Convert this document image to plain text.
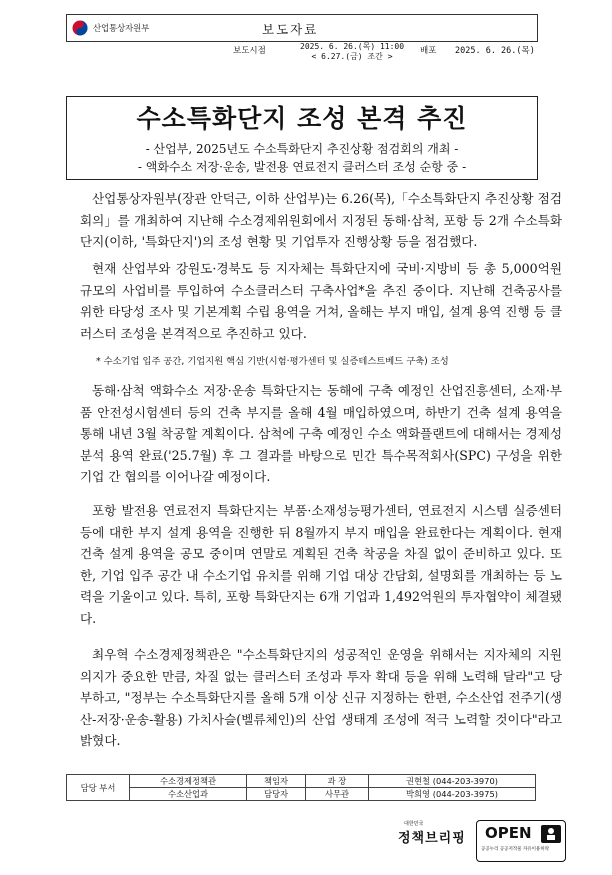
산업통상자원부	보도자료
보도시점	2025. 6. 26.(목) 11:00
< 6.27.(금) 조간 >	배포 2025. 6. 26.(목)
수소특화단지 조성 본격 추진
- 산업부, 2025년도 수소특화단지 추진상황 점검회의 개최 -
- 액화수소 저장·운송, 발전용 연료전지 클러스터 조성 순항 중 -
산업통상자원부(장관 안덕근, 이하 산업부)는 6.26(목),「수소특화단지 추진상황 점검회의」를 개최하여 지난해 수소경제위원회에서 지정된 동해·삼척, 포항 등 2개 수소특화단지(이하, '특화단지')의 조성 현황 및 기업투자 진행상황 등을 점검했다.
현재 산업부와 강원도·경북도 등 지자체는 특화단지에 국비·지방비 등 총 5,000억원 규모의 사업비를 투입하여 수소클러스터 구축사업*을 추진 중이다. 지난해 건축공사를 위한 타당성 조사 및 기본계획 수립 용역을 거쳐, 올해는 부지 매입, 설계 용역 진행 등 클러스터 조성을 본격적으로 추진하고 있다.
* 수소기업 입주 공간, 기업지원 핵심 기반(시험·평가센터 및 실증테스트베드 구축) 조성
동해·삼척 액화수소 저장·운송 특화단지는 동해에 구축 예정인 산업진흥센터, 소재·부품 안전성시험센터 등의 건축 부지를 올해 4월 매입하였으며, 하반기 건축 설계 용역을 통해 내년 3월 착공할 계획이다. 삼척에 구축 예정인 수소 액화플랜트에 대해서는 경제성 분석 용역 완료('25.7월) 후 그 결과를 바탕으로 민간 특수목적회사(SPC) 구성을 위한 기업 간 협의를 이어나갈 예정이다.
포항 발전용 연료전지 특화단지는 부품·소재성능평가센터, 연료전지 시스템 실증센터 등에 대한 부지 설계 용역을 진행한 뒤 8월까지 부지 매입을 완료한다는 계획이다. 현재 건축 설계 용역을 공모 중이며 연말로 계획된 건축 착공을 차질 없이 준비하고 있다. 또한, 기업 입주 공간 내 수소기업 유치를 위해 기업 대상 간담회, 설명회를 개최하는 등 노력을 기울이고 있다. 특히, 포항 특화단지는 6개 기업과 1,492억원의 투자협약이 체결됐다.
최우혁 수소경제정책관은 "수소특화단지의 성공적인 운영을 위해서는 지자체의 지원의지가 중요한 만큼, 차질 없는 클러스터 조성과 투자 확대 등을 위해 노력해 달라"고 당부하고, "정부는 수소특화단지를 올해 5개 이상 신규 지정하는 한편, 수소산업 전주기(생산-저장·운송-활용) 가치사슬(벨류체인)의 산업 생태계 조성에 적극 노력할 것이다"라고 밝혔다.
담당 부서	수소경제정책관	책임자	과 장	권현철 (044-203-3970)
	수소산업과	담당자	사무관	박희영 (044-203-3975)
대한민국
정책브리핑	OPEN
공공누리 공공저작물 자유이용허락
